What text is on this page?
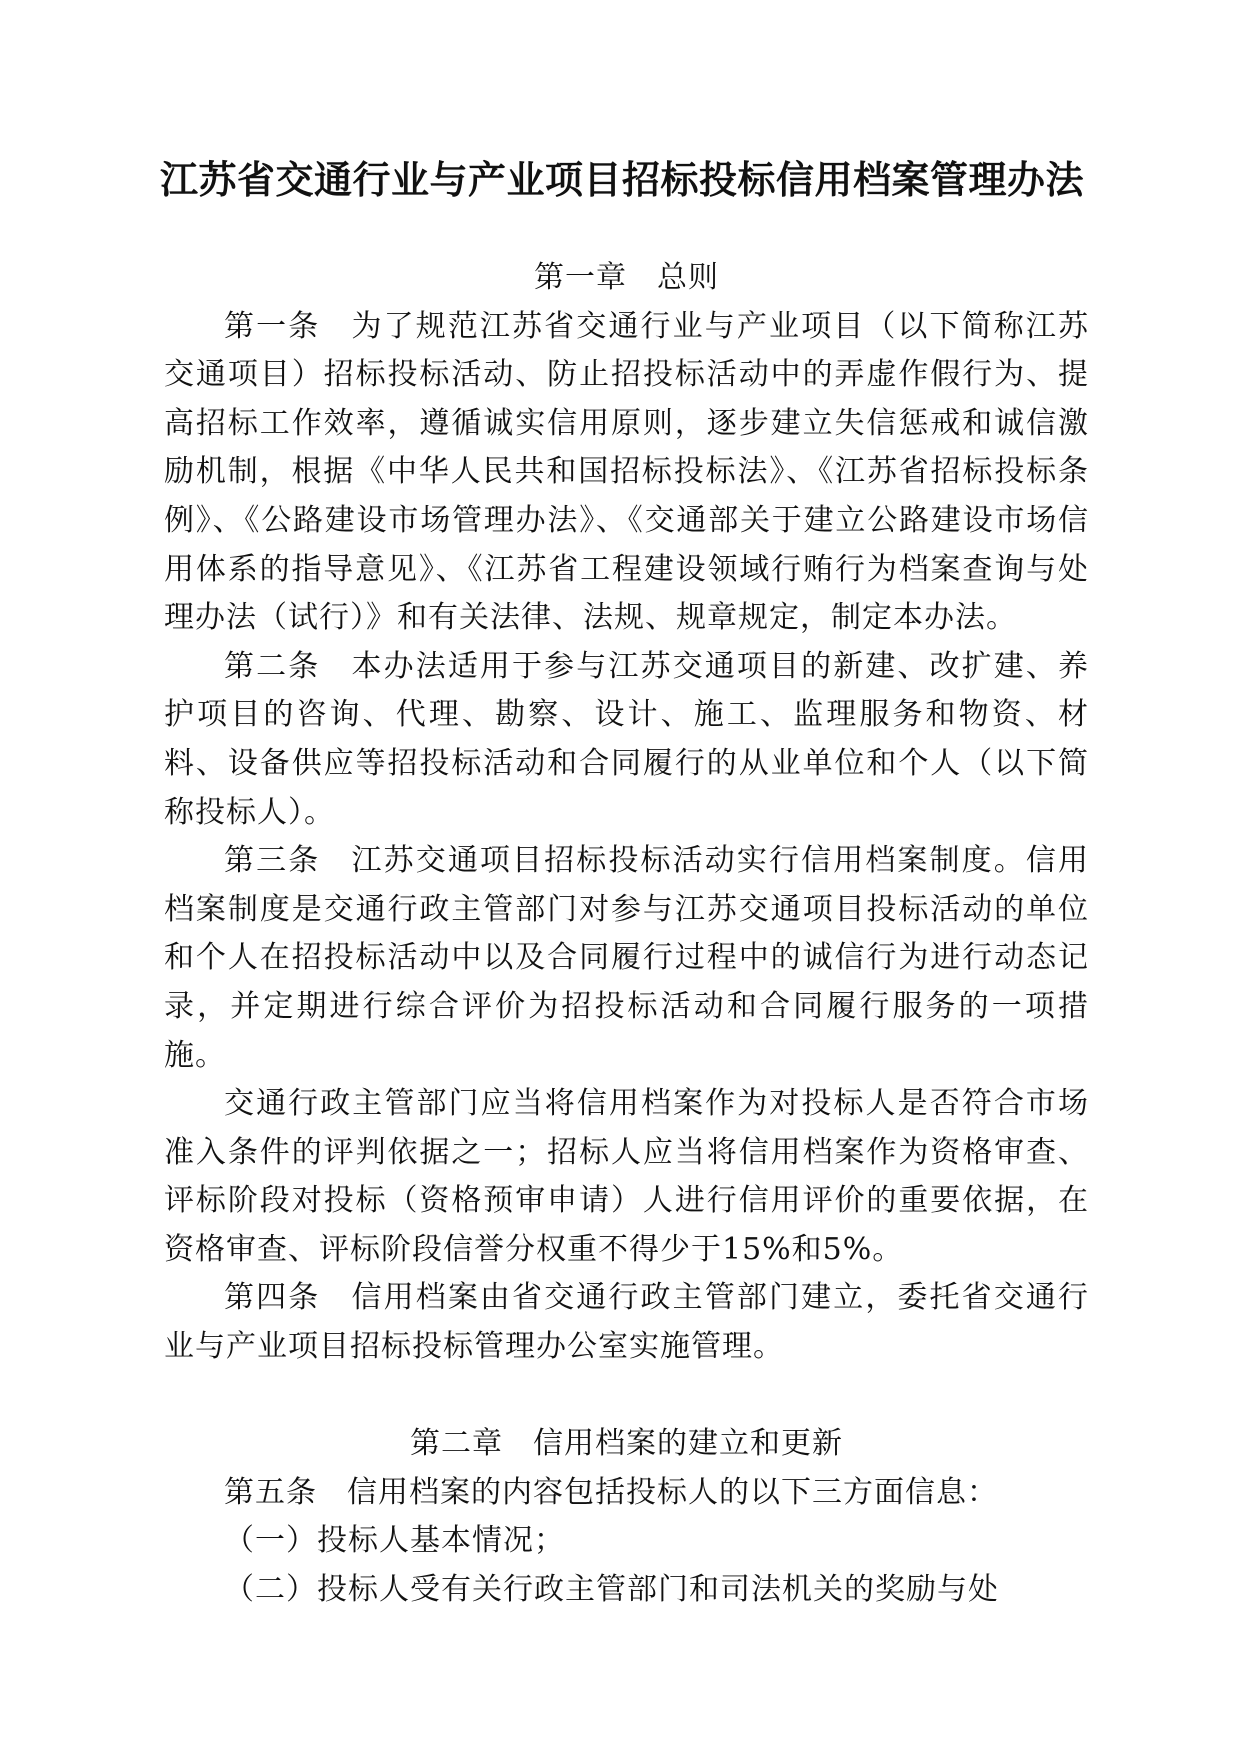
江苏省交通行业与产业项目招标投标信用档案管理办法

第一章 总则

第一条 为了规范江苏省交通行业与产业项目（以下简称江苏交通项目）招标投标活动、防止招投标活动中的弄虚作假行为、提高招标工作效率，遵循诚实信用原则，逐步建立失信惩戒和诚信激励机制，根据《中华人民共和国招标投标法》、《江苏省招标投标条例》、《公路建设市场管理办法》、《交通部关于建立公路建设市场信用体系的指导意见》、《江苏省工程建设领域行贿行为档案查询与处理办法（试行）》和有关法律、法规、规章规定，制定本办法。

第二条 本办法适用于参与江苏交通项目的新建、改扩建、养护项目的咨询、代理、勘察、设计、施工、监理服务和物资、材料、设备供应等招投标活动和合同履行的从业单位和个人（以下简称投标人）。

第三条 江苏交通项目招标投标活动实行信用档案制度。信用档案制度是交通行政主管部门对参与江苏交通项目投标活动的单位和个人在招投标活动中以及合同履行过程中的诚信行为进行动态记录，并定期进行综合评价为招投标活动和合同履行服务的一项措施。

交通行政主管部门应当将信用档案作为对投标人是否符合市场准入条件的评判依据之一；招标人应当将信用档案作为资格审查、评标阶段对投标（资格预审申请）人进行信用评价的重要依据，在资格审查、评标阶段信誉分权重不得少于15%和5%。

第四条 信用档案由省交通行政主管部门建立，委托省交通行业与产业项目招标投标管理办公室实施管理。

第二章 信用档案的建立和更新

第五条 信用档案的内容包括投标人的以下三方面信息：

（一）投标人基本情况；

（二）投标人受有关行政主管部门和司法机关的奖励与处
